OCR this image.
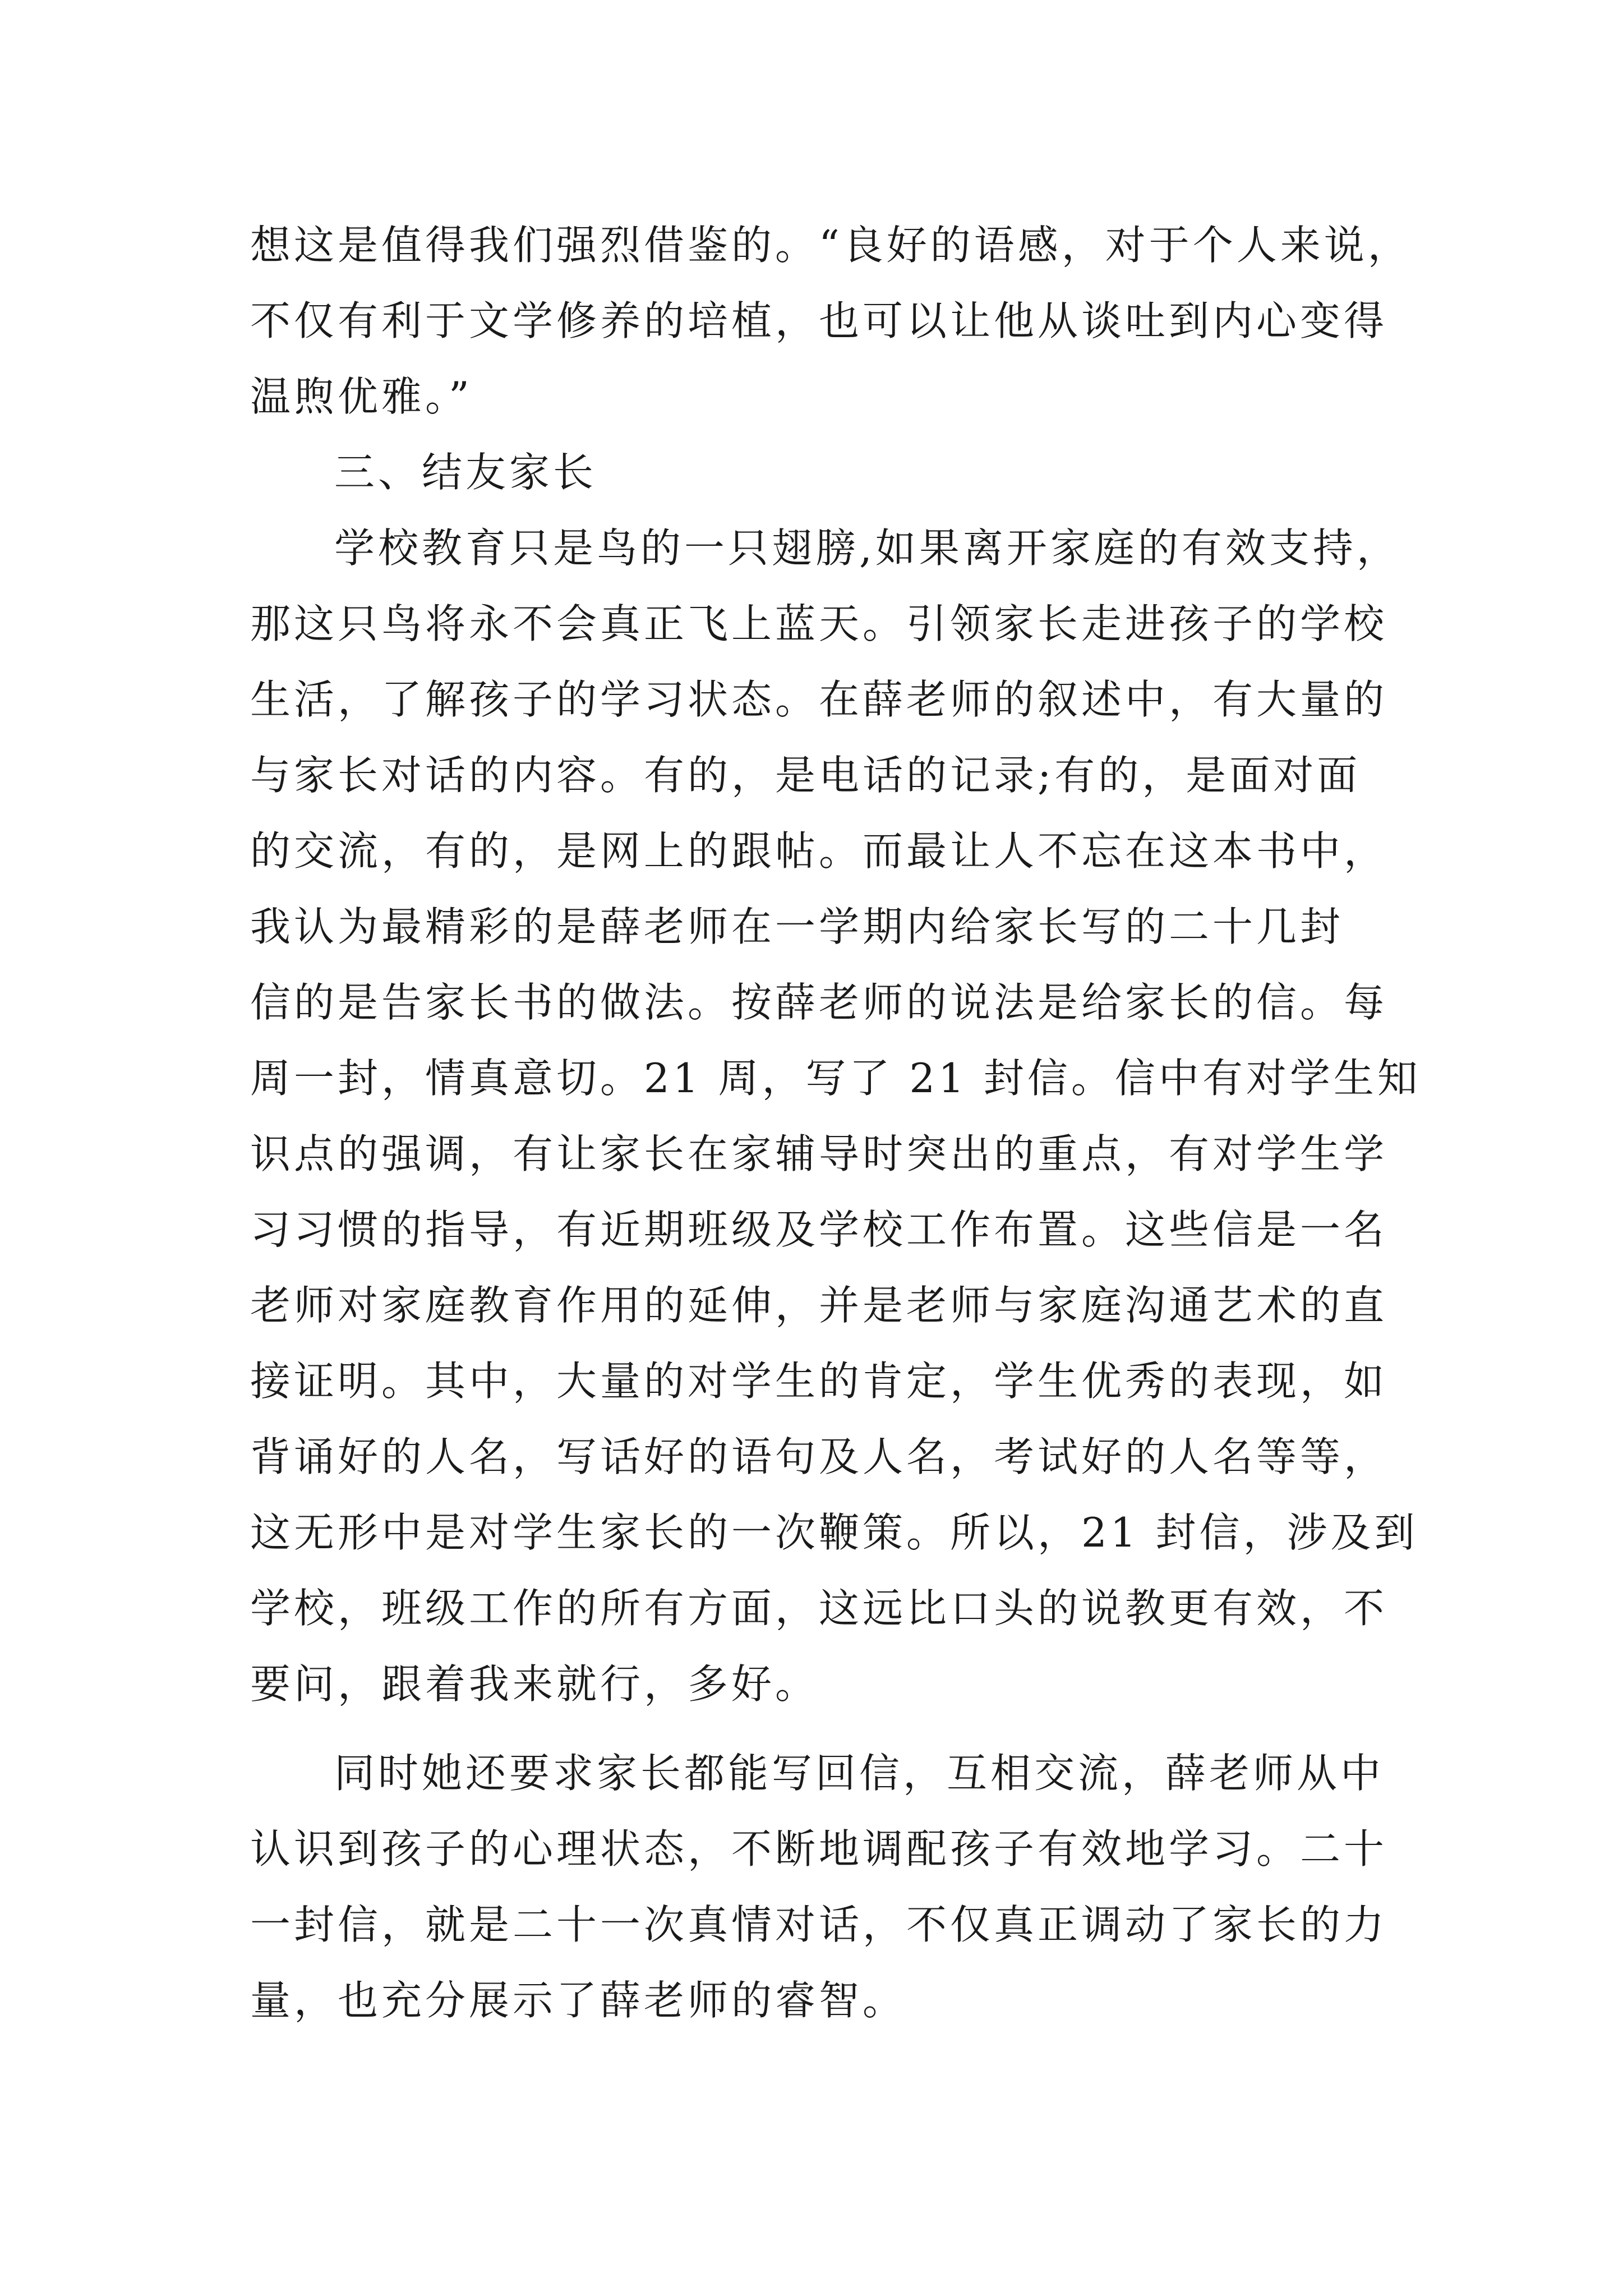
想这是值得我们强烈借鉴的。“良好的语感，对于个人来说，
不仅有利于文学修养的培植，也可以让他从谈吐到内心变得
温煦优雅。”
三、结友家长
学校教育只是鸟的一只翅膀,如果离开家庭的有效支持，
那这只鸟将永不会真正飞上蓝天。引领家长走进孩子的学校
生活，了解孩子的学习状态。在薛老师的叙述中，有大量的
与家长对话的内容。有的，是电话的记录;有的，是面对面
的交流，有的，是网上的跟帖。而最让人不忘在这本书中，
我认为最精彩的是薛老师在一学期内给家长写的二十几封
信的是告家长书的做法。按薛老师的说法是给家长的信。每
周一封，情真意切。21 周，写了 21 封信。信中有对学生知
识点的强调，有让家长在家辅导时突出的重点，有对学生学
习习惯的指导，有近期班级及学校工作布置。这些信是一名
老师对家庭教育作用的延伸，并是老师与家庭沟通艺术的直
接证明。其中，大量的对学生的肯定，学生优秀的表现，如
背诵好的人名，写话好的语句及人名，考试好的人名等等，
这无形中是对学生家长的一次鞭策。所以，21 封信，涉及到
学校，班级工作的所有方面，这远比口头的说教更有效，不
要问，跟着我来就行，多好。
同时她还要求家长都能写回信，互相交流，薛老师从中
认识到孩子的心理状态，不断地调配孩子有效地学习。二十
一封信，就是二十一次真情对话，不仅真正调动了家长的力
量，也充分展示了薛老师的睿智。
